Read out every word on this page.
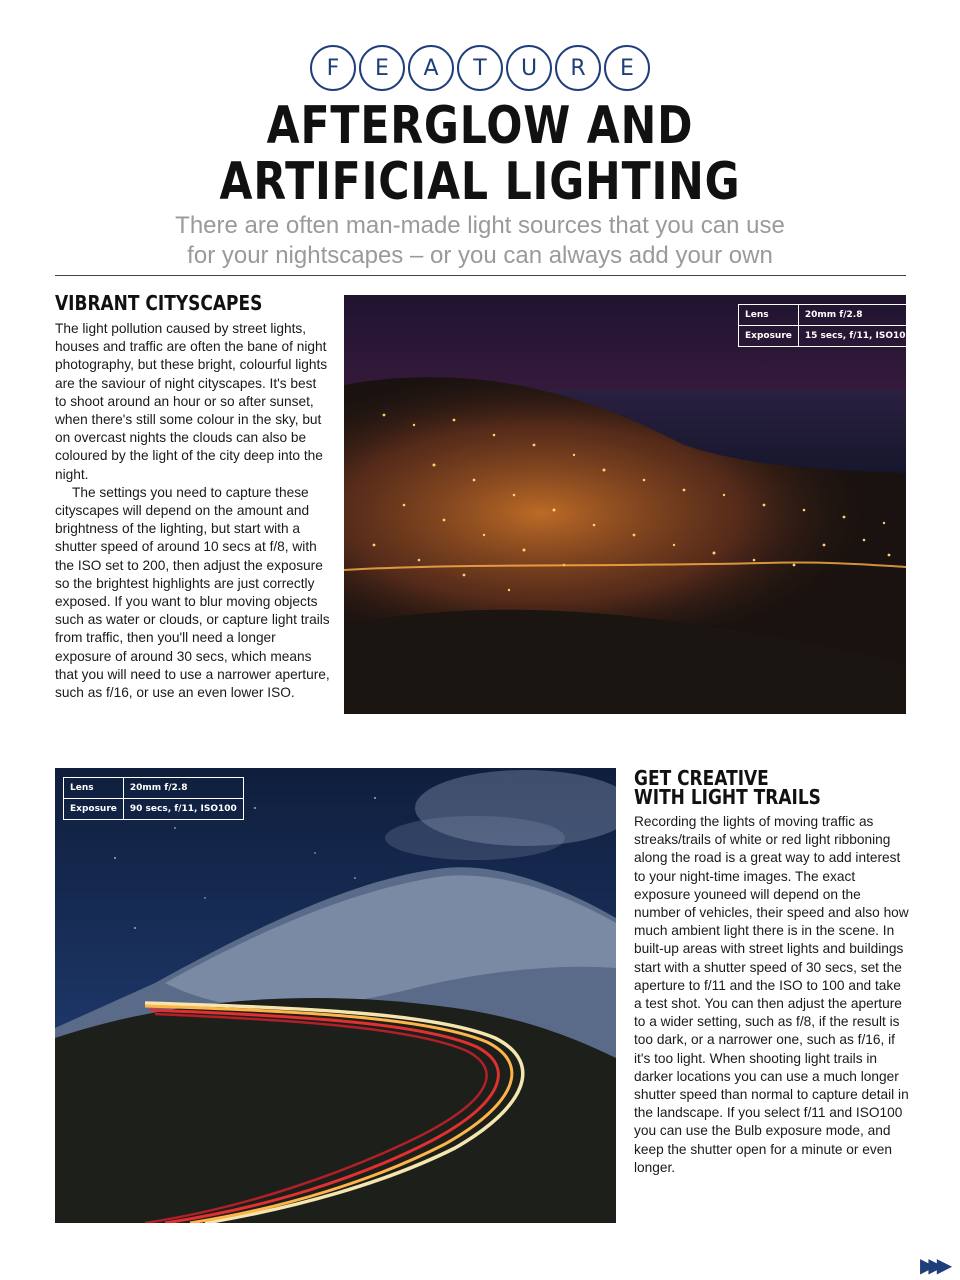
F	E	A	T	U	R	E
AFTERGLOW AND
ARTIFICIAL LIGHTING
There are often man-made light sources that you can use
for your nightscapes – or you can always add your own
VIBRANT CITYSCAPES

The light pollution caused by street lights, houses and traffic are often the bane of night photography, but these bright, colourful lights are the saviour of night cityscapes. It's best to shoot around an hour or so after sunset, when there's still some colour in the sky, but on overcast nights the clouds can also be coloured by the light of the city deep into the night.

The settings you need to capture these cityscapes will depend on the amount and brightness of the lighting, but start with a shutter speed of around 10 secs at f/8, with the ISO set to 200, then adjust the exposure so the brightest highlights are just correctly exposed. If you want to blur moving objects such as water or clouds, or capture light trails from traffic, then you'll need a longer exposure of around 30 secs, which means that you will need to use a narrower aperture, such as f/16, or use an even lower ISO.

Lens	20mm f/2.8
Exposure	15 secs, f/11, ISO100
Lens	20mm f/2.8
Exposure	90 secs, f/11, ISO100
GET CREATIVE
WITH LIGHT TRAILS

Recording the lights of moving traffic as streaks/trails of white or red light ribboning along the road is a great way to add interest to your night-time images. The exact exposure youneed will depend on the number of vehicles, their speed and also how much ambient light there is in the scene. In built-up areas with street lights and buildings start with a shutter speed of 30 secs, set the aperture to f/11 and the ISO to 100 and take a test shot. You can then adjust the aperture to a wider setting, such as f/8, if the result is too dark, or a narrower one, such as f/16, if it's too light. When shooting light trails in darker locations you can use a much longer shutter speed than normal to capture detail in the landscape. If you select f/11 and ISO100 you can use the Bulb exposure mode, and keep the shutter open for a minute or even longer.

▶▶▶
